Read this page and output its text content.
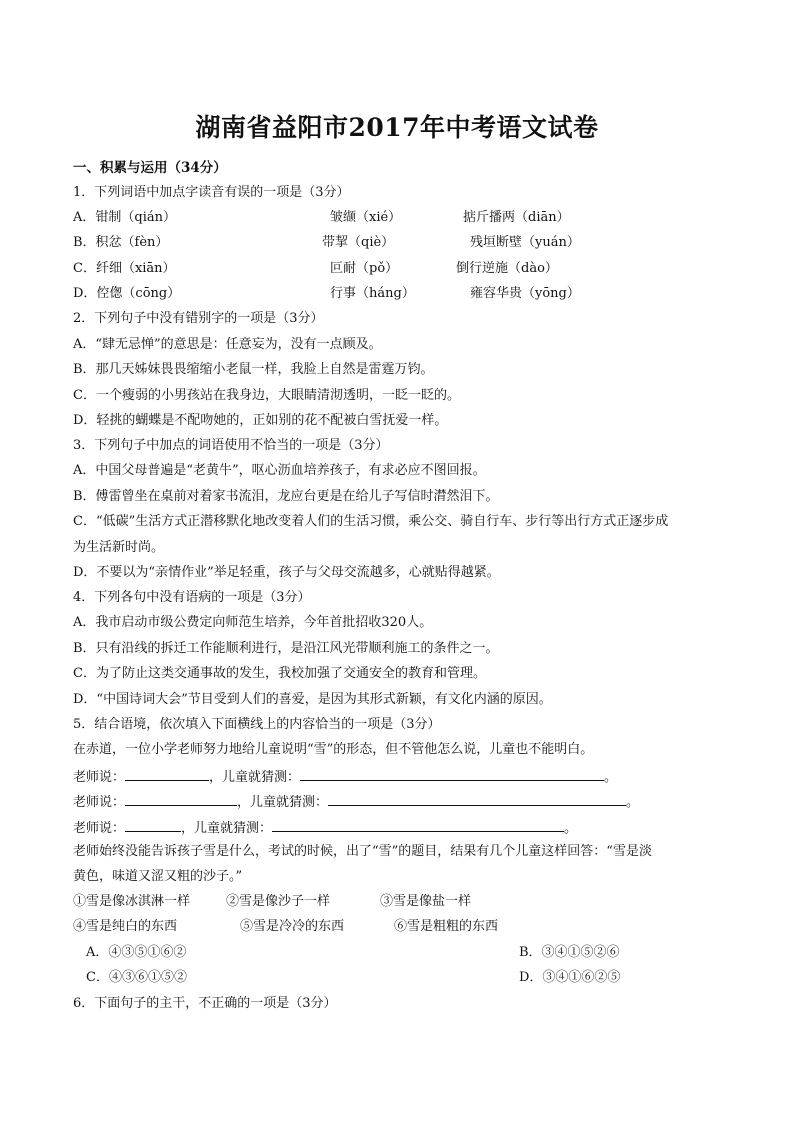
湖南省益阳市2017年中考语文试卷
一、积累与运用（34分）
1．下列词语中加点字读音有误的一项是（3分）
A．钳制（qián）	皱缬（xié）	掂斤播两（diān）
B．积忿（fèn）	带挈（qiè）	残垣断壁（yuán）
C．纤细（xiān）	叵耐（pǒ）	倒行逆施（dào）
D．倥偬（cōng）	行事（háng）	雍容华贵（yōng）
2．下列句子中没有错别字的一项是（3分）
A．“肆无忌惮”的意思是：任意妄为，没有一点顾及。
B．那几天姊妹畏畏缩缩小老鼠一样，我脸上自然是雷霆万钧。
C．一个瘦弱的小男孩站在我身边，大眼睛清沏透明，一眨一眨的。
D．轻挑的蝴蝶是不配吻她的，正如别的花不配被白雪抚爱一样。
3．下列句子中加点的词语使用不恰当的一项是（3分）
A．中国父母普遍是“老黄牛”，呕心沥血培养孩子，有求必应不图回报。
B．傅雷曾坐在桌前对着家书流泪，龙应台更是在给儿子写信时潸然泪下。
C．“低碳”生活方式正潜移默化地改变着人们的生活习惯，乘公交、骑自行车、步行等出行方式正逐步成
为生活新时尚。
D．不要以为“亲情作业”举足轻重，孩子与父母交流越多，心就贴得越紧。
4．下列各句中没有语病的一项是（3分）
A．我市启动市级公费定向师范生培养，今年首批招收320人。
B．只有沿线的拆迁工作能顺利进行，是沿江风光带顺利施工的条件之一。
C．为了防止这类交通事故的发生，我校加强了交通安全的教育和管理。
D．“中国诗词大会”节目受到人们的喜爱，是因为其形式新颖，有文化内涵的原因。
5．结合语境，依次填入下面横线上的内容恰当的一项是（3分）
在赤道，一位小学老师努力地给儿童说明“雪”的形态，但不管他怎么说，儿童也不能明白。
老师说：	，儿童就猜测：	。
老师说：	，儿童就猜测：	。
老师说：	，儿童就猜测：	。
老师始终没能告诉孩子雪是什么，考试的时候，出了“雪”的题目，结果有几个儿童这样回答：“雪是淡
黄色，味道又涩又粗的沙子。”
①雪是像冰淇淋一样	②雪是像沙子一样	③雪是像盐一样
④雪是纯白的东西	⑤雪是冷冷的东西	⑥雪是粗粗的东西
A．④③⑤①⑥②	B．③④①⑤②⑥
C．④③⑥①⑤②	D．③④①⑥②⑤
6．下面句子的主干，不正确的一项是（3分）
